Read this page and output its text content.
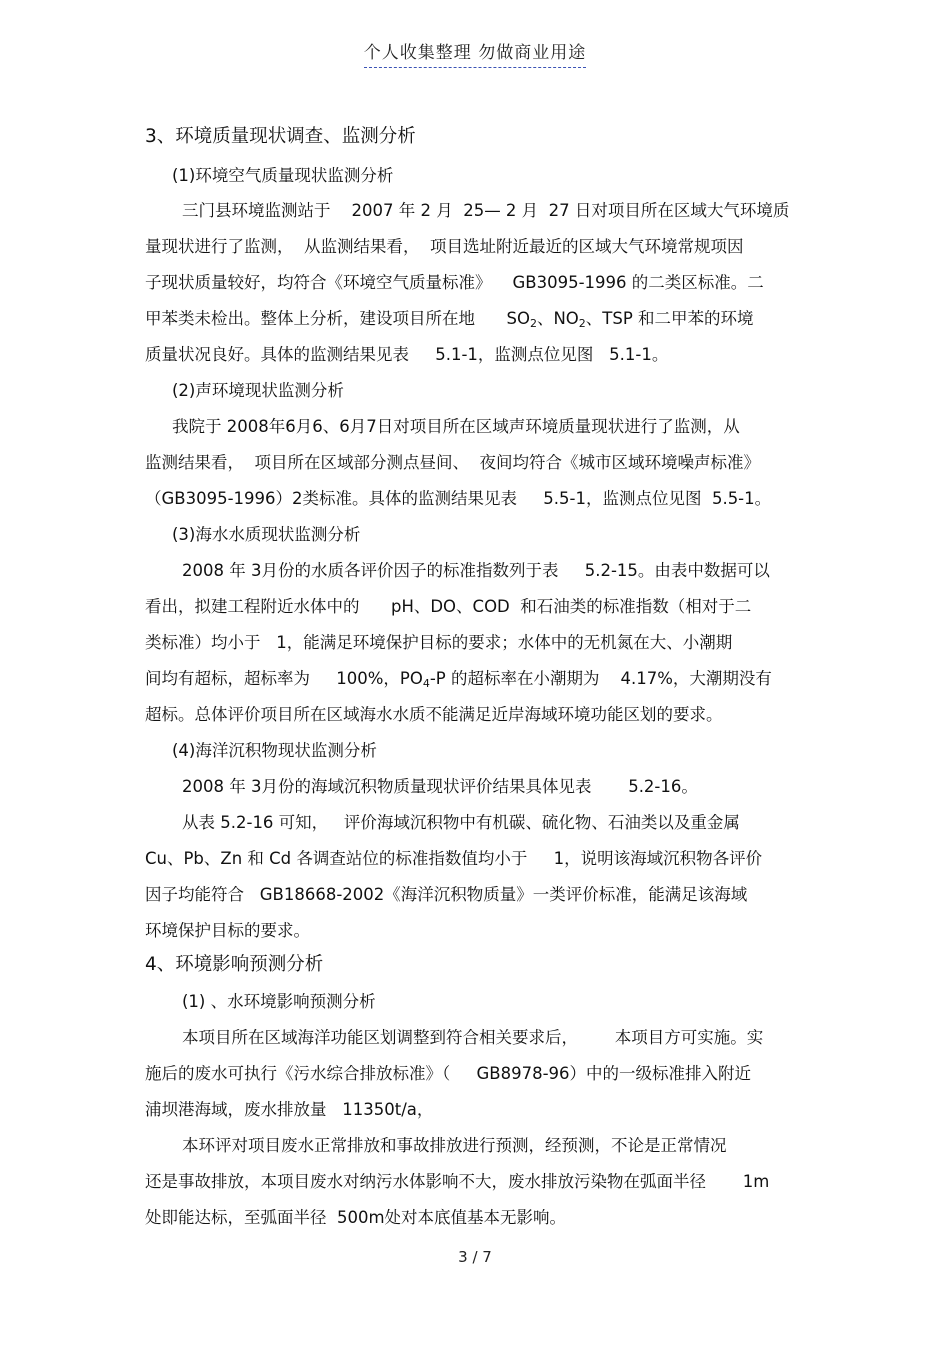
个人收集整理 勿做商业用途
3、环境质量现状调查、监测分析
(1)环境空气质量现状监测分析
三门县环境监测站于    2007 年 2 月  25— 2 月  27 日对项目所在区域大气环境质
量现状进行了监测，  从监测结果看，  项目选址附近最近的区域大气环境常规项因
子现状质量较好，均符合《环境空气质量标准》    GB3095-1996 的二类区标准。二
甲苯类未检出。整体上分析，建设项目所在地      $SO_2$、$NO_2$、TSP 和二甲苯的环境
质量状况良好。具体的监测结果见表     5.1-1，监测点位见图   5.1-1。
(2)声环境现状监测分析
我院于 2008年6月6、6月7日对项目所在区域声环境质量现状进行了监测，从
监测结果看，  项目所在区域部分测点昼间、  夜间均符合《城市区域环境噪声标准》
（GB3095-1996）2类标准。具体的监测结果见表     5.5-1，监测点位见图  5.5-1。
(3)海水水质现状监测分析
2008 年 3月份的水质各评价因子的标准指数列于表     5.2-15。由表中数据可以
看出，拟建工程附近水体中的      pH、DO、COD  和石油类的标准指数（相对于二
类标准）均小于   1，能满足环境保护目标的要求；水体中的无机氮在大、小潮期
间均有超标，超标率为     100%，$PO_4-P$ 的超标率在小潮期为    4.17%，大潮期没有
超标。总体评价项目所在区域海水水质不能满足近岸海域环境功能区划的要求。
(4)海洋沉积物现状监测分析
2008 年 3月份的海域沉积物质量现状评价结果具体见表       5.2-16。
从表 5.2-16 可知，   评价海域沉积物中有机碳、硫化物、石油类以及重金属
Cu、Pb、Zn 和 Cd 各调查站位的标准指数值均小于     1，说明该海域沉积物各评价
因子均能符合   GB18668-2002《海洋沉积物质量》一类评价标准，能满足该海域
环境保护目标的要求。
4、环境影响预测分析
(1) 、水环境影响预测分析
本项目所在区域海洋功能区划调整到符合相关要求后，       本项目方可实施。实
施后的废水可执行《污水综合排放标准》（     GB8978-96）中的一级标准排入附近
浦坝港海域，废水排放量   11350t/a，
本环评对项目废水正常排放和事故排放进行预测，经预测，不论是正常情况
还是事故排放，本项目废水对纳污水体影响不大，废水排放污染物在弧面半径       1m
处即能达标，至弧面半径  500m处对本底值基本无影响。
3 / 7
